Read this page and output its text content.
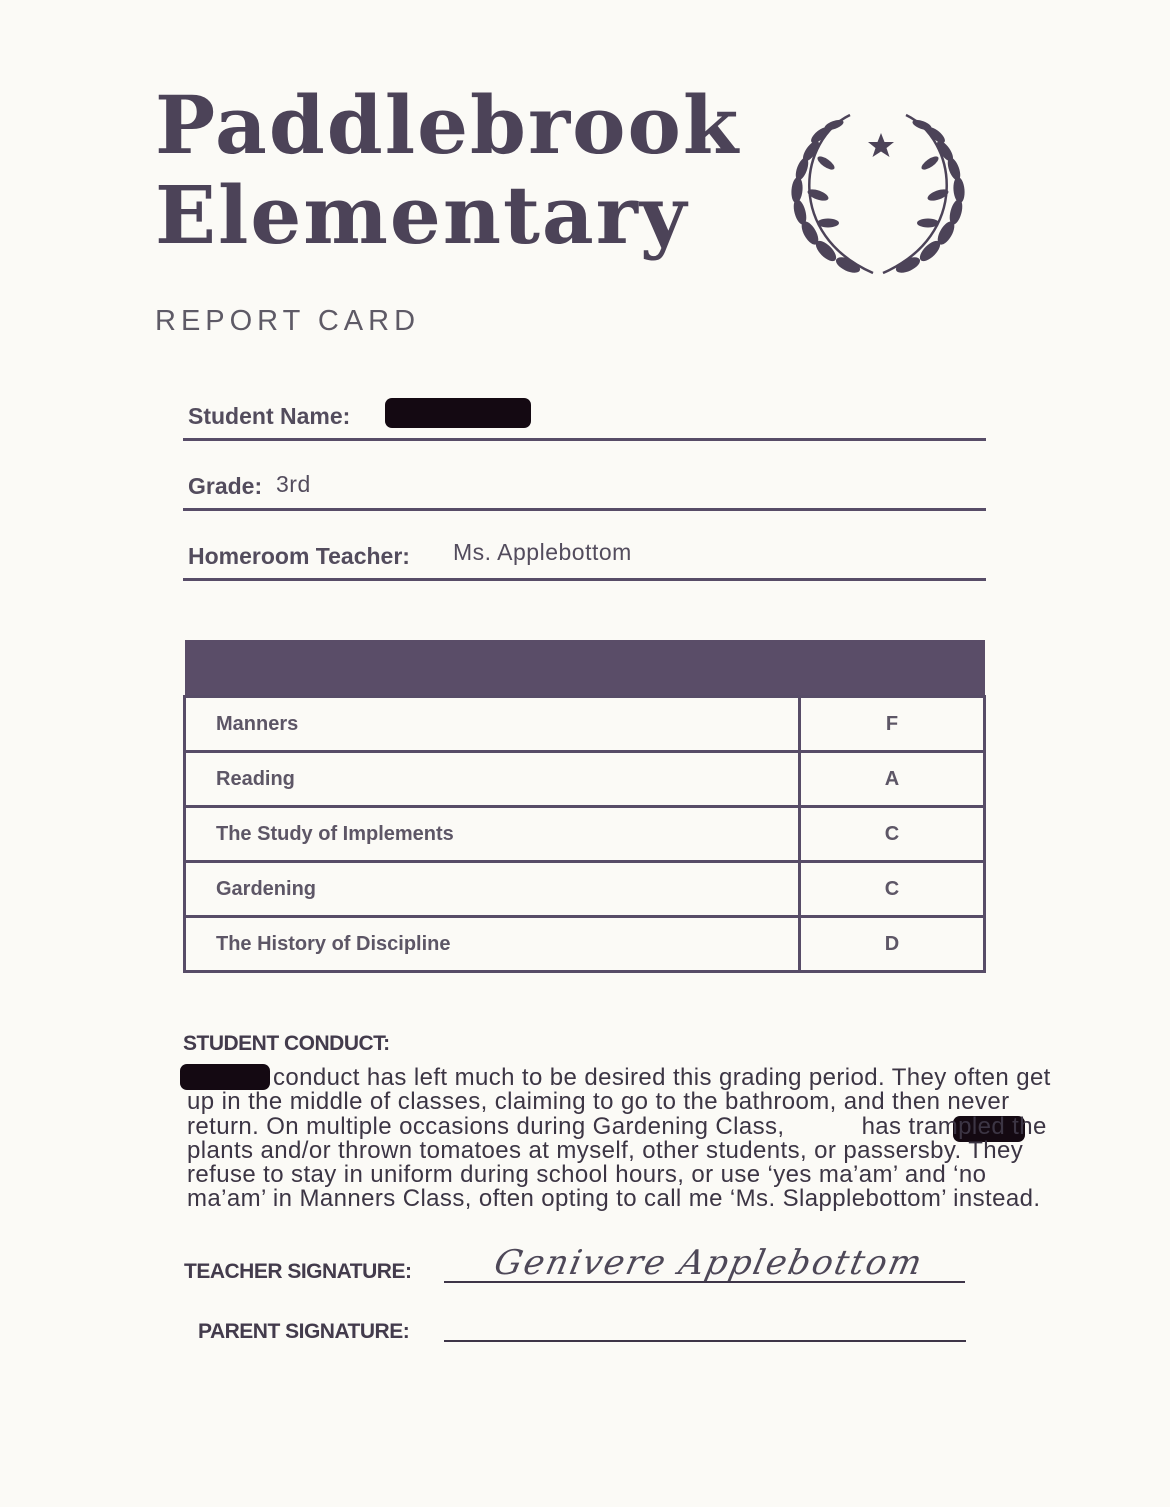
Paddlebrook
Elementary
REPORT CARD
Student Name:
Grade: 3rd
Homeroom Teacher: Ms. Applebottom

Manners	F
Reading	A
The Study of Implements	C
Gardening	C
The History of Discipline	D
STUDENT CONDUCT:

conduct has left much to be desired this grading period. They often get up in the middle of classes, claiming to go to the bathroom, and then never return. On multiple occasions during Gardening Class,	has trampled the plants and/or thrown tomatoes at myself, other students, or passersby. They refuse to stay in uniform during school hours, or use ‘yes ma’am’ and ‘no ma’am’ in Manners Class, often opting to call me ‘Ms. Slapplebottom’ instead.

TEACHER SIGNATURE: Genivere Applebottom
PARENT SIGNATURE:
